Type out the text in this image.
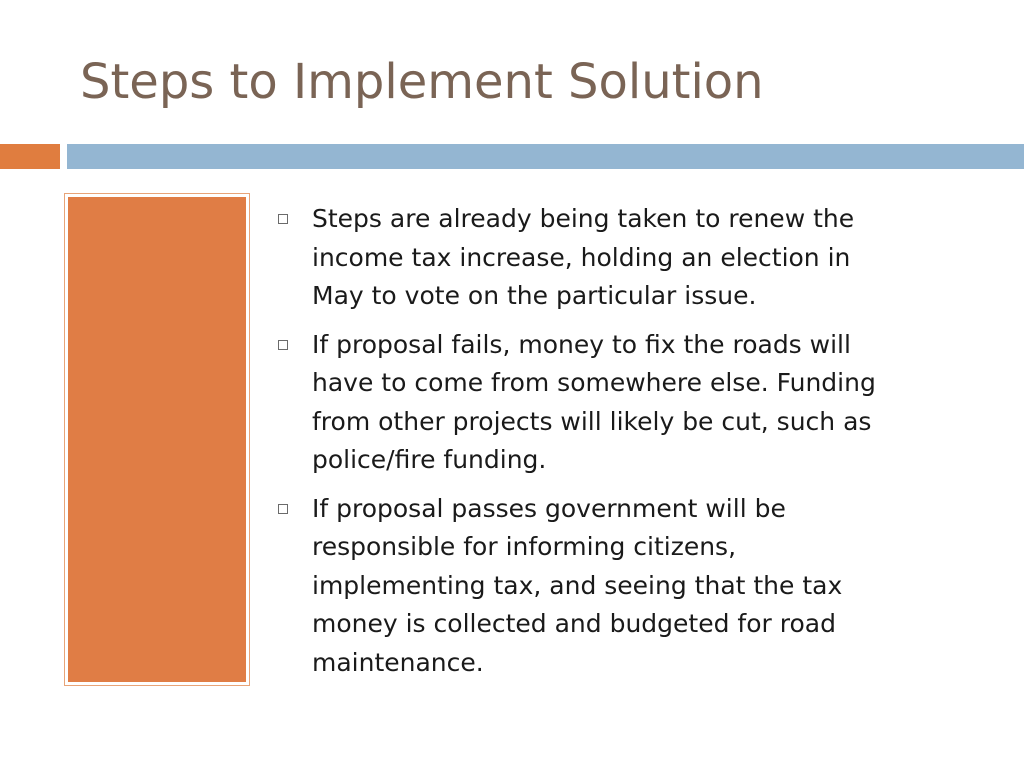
Steps to Implement Solution
Steps are already being taken to renew the
income tax increase, holding an election in
May to vote on the particular issue.
If proposal fails, money to fix the roads will
have to come from somewhere else. Funding
from other projects will likely be cut, such as
police/fire funding.
If proposal passes government will be
responsible for informing citizens,
implementing tax, and seeing that the tax
money is collected and budgeted for road
maintenance.
